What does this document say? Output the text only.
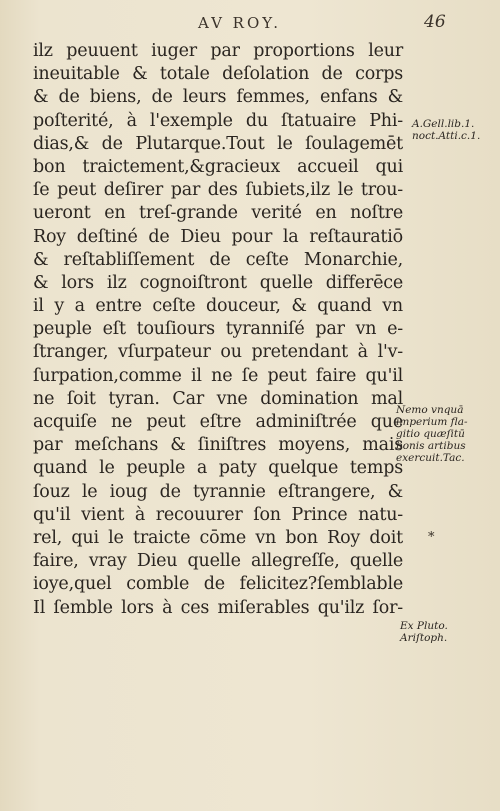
AV ROY.	46
ilz peuuent iuger par proportions leur
ineuitable & totale deſolation de corps
& de biens, de leurs femmes, enfans &
poſterité, à l'exemple du ſtatuaire Phi-
dias,& de Plutarque.Tout le ſoulagemēt
bon traictement,&gracieux accueil qui
ſe peut deſirer par des ſubiets,ilz le trou-
ueront en treſ-grande verité en noſtre
Roy deſtiné de Dieu pour la reſtauratiō
& reſtabliſſement de ceſte Monarchie,
& lors ilz cognoiſtront quelle differēce
il y a entre ceſte douceur, & quand vn
peuple eſt touſiours tyranniſé par vn e-
ſtranger, vſurpateur ou pretendant à l'v-
ſurpation,comme il ne ſe peut faire qu'il
ne ſoit tyran. Car vne domination mal
acquiſe ne peut eſtre adminiſtrée que
par meſchans & ſiniſtres moyens, mais
quand le peuple a paty quelque temps
ſouz le ioug de tyrannie eſtrangere, &
qu'il vient à recouurer ſon Prince natu-
rel, qui le traicte cōme vn bon Roy doit
faire, vray Dieu quelle allegreſſe, quelle
ioye,quel comble de felicitez?ſemblable
Il ſemble lors à ces miſerables qu'ilz ſor-
A.Gell.lib.1.
noct.Atti.c.1.
Nemo vnquā
imperium fla-
gitio quæſitū
bonis artibus
exercuit.Tac.
*
Ex Pluto.
Ariſtoph.
